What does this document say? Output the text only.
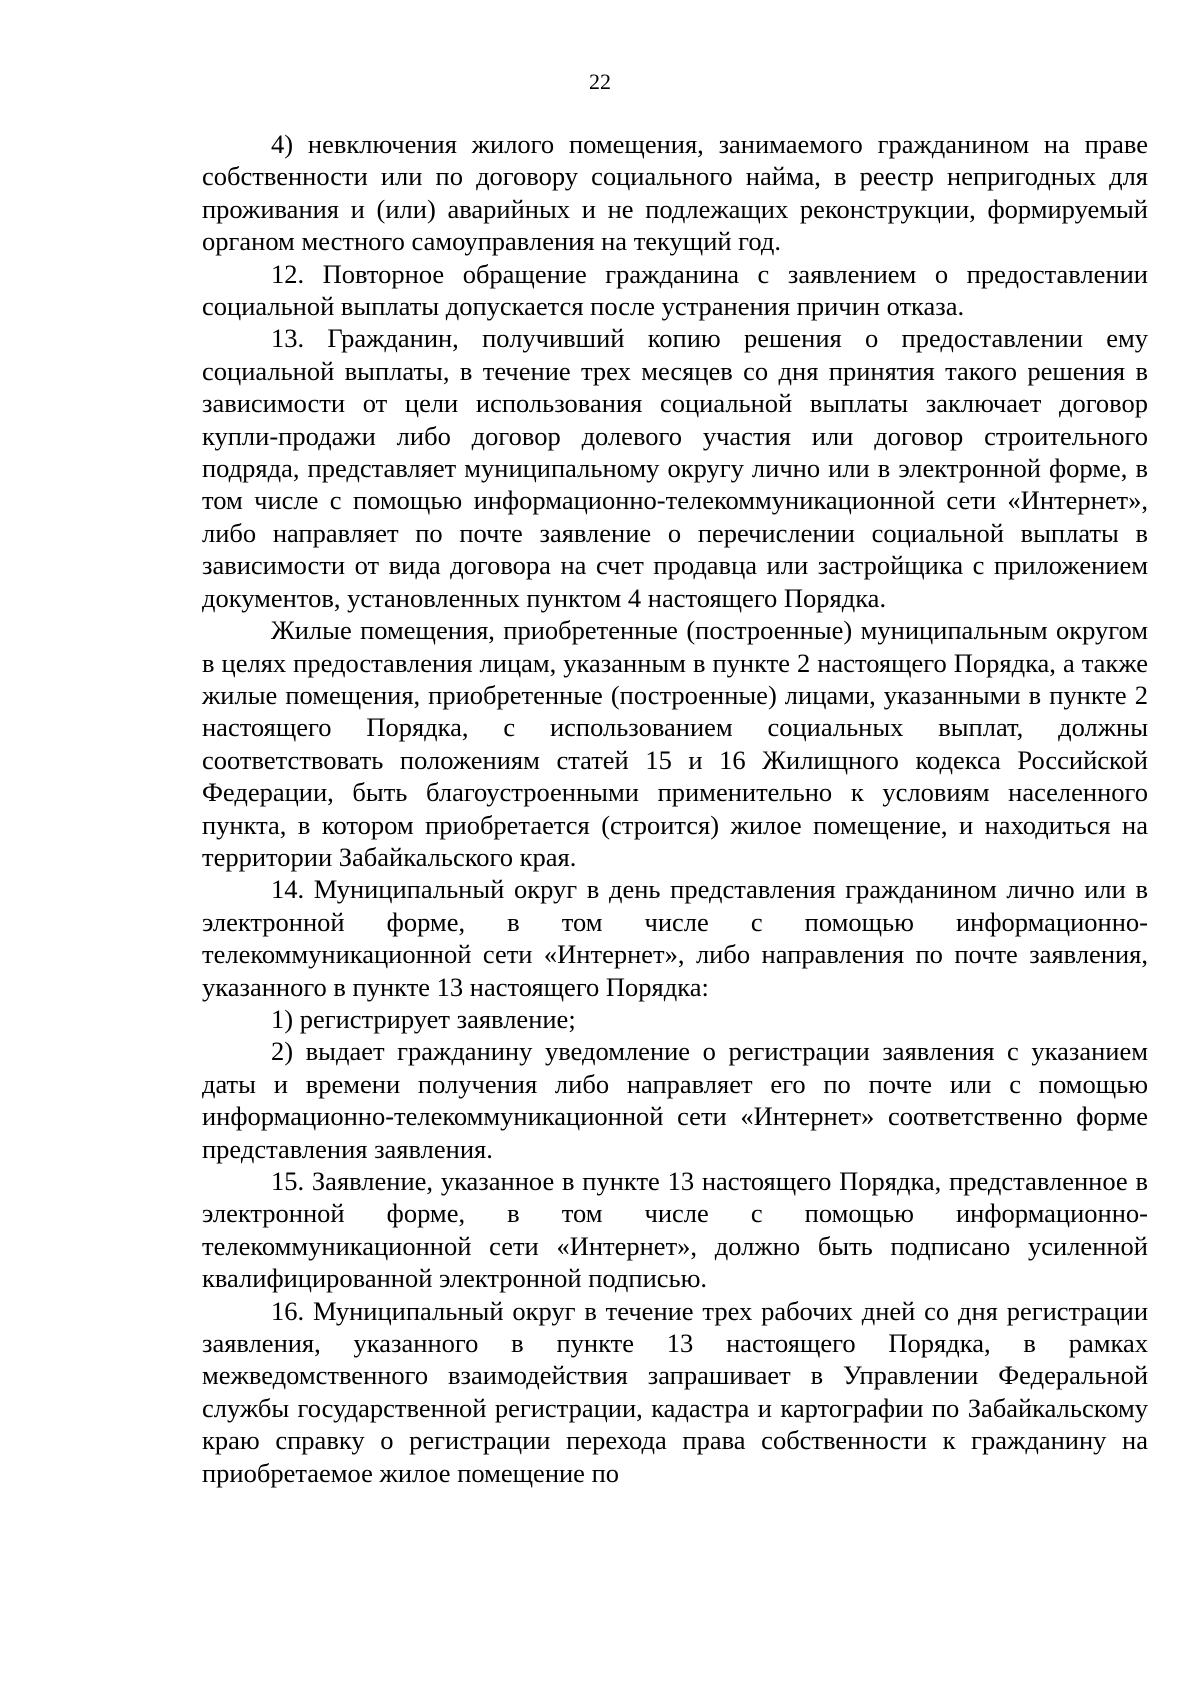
22

4) невключения жилого помещения, занимаемого гражданином на праве собственности или по договору социального найма, в реестр непригодных для проживания и (или) аварийных и не подлежащих реконструкции, формируемый органом местного самоуправления на текущий год.

12. Повторное обращение гражданина с заявлением о предоставлении социальной выплаты допускается после устранения причин отказа.

13. Гражданин, получивший копию решения о предоставлении ему социальной выплаты, в течение трех месяцев со дня принятия такого решения в зависимости от цели использования социальной выплаты заключает договор купли-продажи либо договор долевого участия или договор строительного подряда, представляет муниципальному округу лично или в электронной форме, в том числе с помощью информационно-телекоммуникационной сети «Интернет», либо направляет по почте заявление о перечислении социальной выплаты в зависимости от вида договора на счет продавца или застройщика с приложением документов, установленных пунктом 4 настоящего Порядка.

Жилые помещения, приобретенные (построенные) муниципальным округом в целях предоставления лицам, указанным в пункте 2 настоящего Порядка, а также жилые помещения, приобретенные (построенные) лицами, указанными в пункте 2 настоящего Порядка, с использованием социальных выплат, должны соответствовать положениям статей 15 и 16 Жилищного кодекса Российской Федерации, быть благоустроенными применительно к условиям населенного пункта, в котором приобретается (строится) жилое помещение, и находиться на территории Забайкальского края.

14. Муниципальный округ в день представления гражданином лично или в электронной форме, в том числе с помощью информационно-телекоммуникационной сети «Интернет», либо направления по почте заявления, указанного в пункте 13 настоящего Порядка:

1) регистрирует заявление;

2) выдает гражданину уведомление о регистрации заявления с указанием даты и времени получения либо направляет его по почте или с помощью информационно-телекоммуникационной сети «Интернет» соответственно форме представления заявления.

15. Заявление, указанное в пункте 13 настоящего Порядка, представленное в электронной форме, в том числе с помощью информационно-телекоммуникационной сети «Интернет», должно быть подписано усиленной квалифицированной электронной подписью.

16. Муниципальный округ в течение трех рабочих дней со дня регистрации заявления, указанного в пункте 13 настоящего Порядка, в рамках межведомственного взаимодействия запрашивает в Управлении Федеральной службы государственной регистрации, кадастра и картографии по Забайкальскому краю справку о регистрации перехода права собственности к гражданину на приобретаемое жилое помещение по
